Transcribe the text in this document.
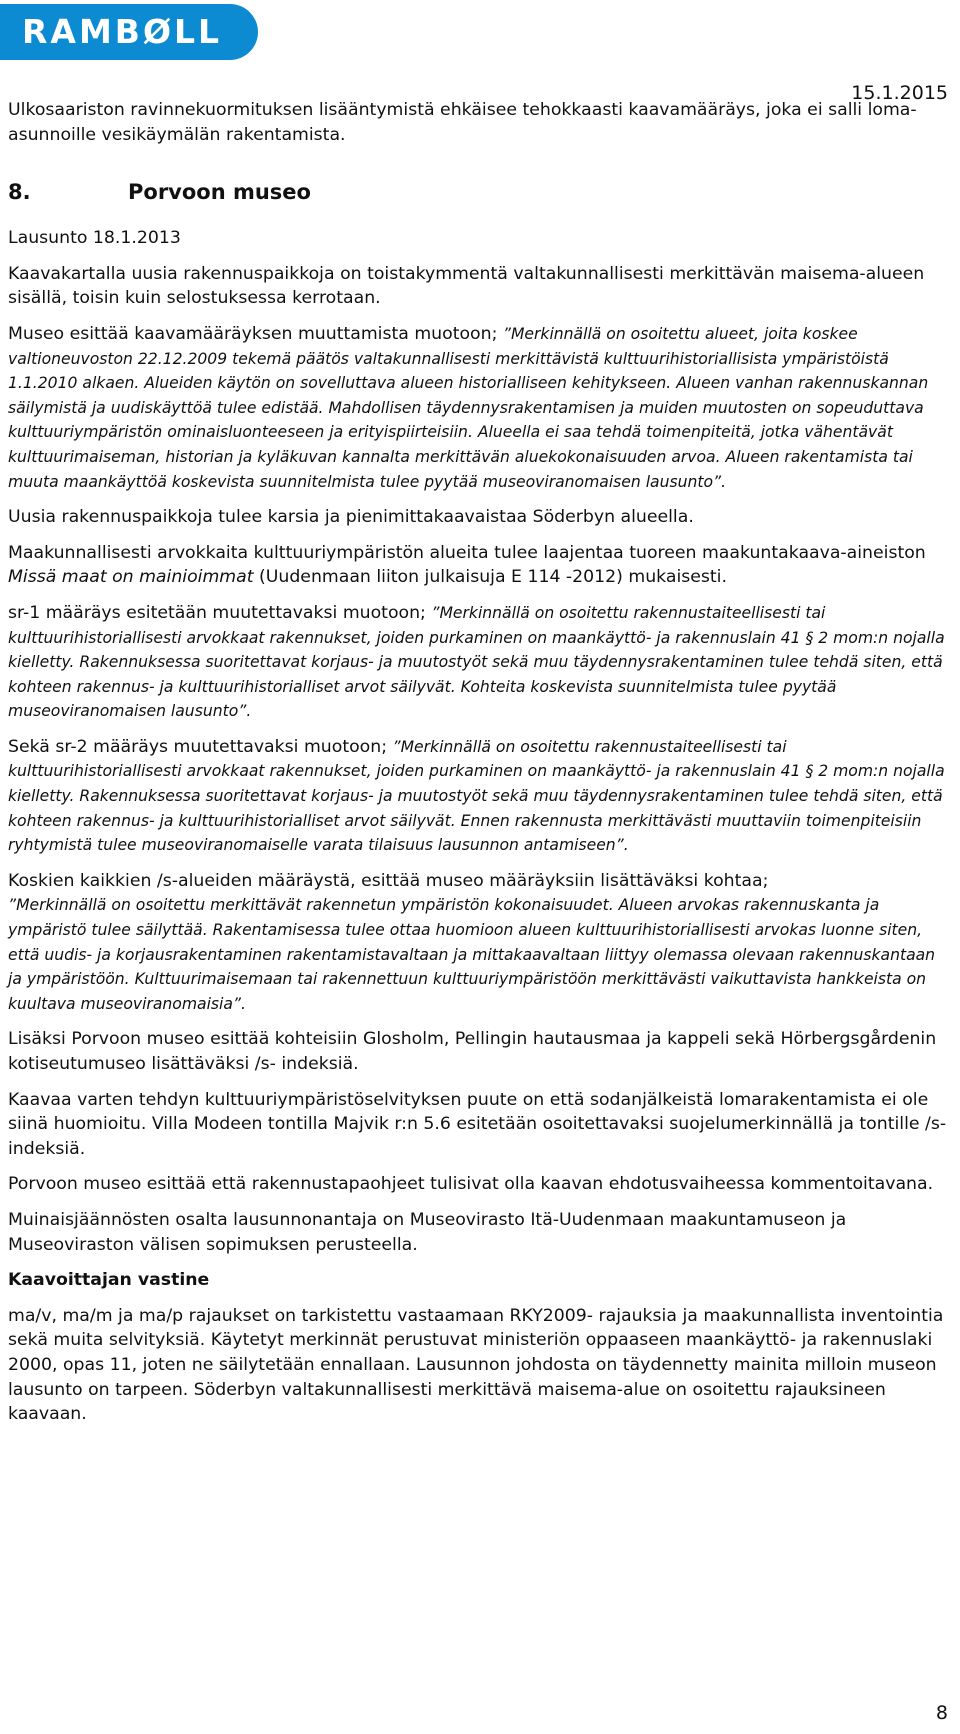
RAMBØLL
15.1.2015

Ulkosaariston ravinnekuormituksen lisääntymistä ehkäisee tehokkaasti kaavamääräys, joka ei salli loma-asunnoille vesikäymälän rakentamista.

8.	Porvoon museo

Lausunto 18.1.2013

Kaavakartalla uusia rakennuspaikkoja on toistakymmentä valtakunnallisesti merkittävän maisema-alueen sisällä, toisin kuin selostuksessa kerrotaan.

Museo esittää kaavamääräyksen muuttamista muotoon; ”Merkinnällä on osoitettu alueet, joita koskee valtioneuvoston 22.12.2009 tekemä päätös valtakunnallisesti merkittävistä kulttuurihistoriallisista ympäristöistä 1.1.2010 alkaen. Alueiden käytön on sovelluttava alueen historialliseen kehitykseen. Alueen vanhan rakennuskannan säilymistä ja uudiskäyttöä tulee edistää. Mahdollisen täydennysrakentamisen ja muiden muutosten on sopeuduttava kulttuuriympäristön ominaisluonteeseen ja erityispiirteisiin. Alueella ei saa tehdä toimenpiteitä, jotka vähentävät kulttuurimaiseman, historian ja kyläkuvan kannalta merkittävän aluekokonaisuuden arvoa. Alueen rakentamista tai muuta maankäyttöä koskevista suunnitelmista tulee pyytää museoviranomaisen lausunto”.

Uusia rakennuspaikkoja tulee karsia ja pienimittakaavaistaa Söderbyn alueella.

Maakunnallisesti arvokkaita kulttuuriympäristön alueita tulee laajentaa tuoreen maakuntakaava-aineiston Missä maat on mainioimmat (Uudenmaan liiton julkaisuja E 114 -2012) mukaisesti.

sr-1 määräys esitetään muutettavaksi muotoon; ”Merkinnällä on osoitettu rakennustaiteellisesti tai kulttuurihistoriallisesti arvokkaat rakennukset, joiden purkaminen on maankäyttö- ja rakennuslain 41 § 2 mom:n nojalla kielletty. Rakennuksessa suoritettavat korjaus- ja muutostyöt sekä muu täydennysrakentaminen tulee tehdä siten, että kohteen rakennus- ja kulttuurihistorialliset arvot säilyvät. Kohteita koskevista suunnitelmista tulee pyytää museoviranomaisen lausunto”.

Sekä sr-2 määräys muutettavaksi muotoon; ”Merkinnällä on osoitettu rakennustaiteellisesti tai kulttuurihistoriallisesti arvokkaat rakennukset, joiden purkaminen on maankäyttö- ja rakennuslain 41 § 2 mom:n nojalla kielletty. Rakennuksessa suoritettavat korjaus- ja muutostyöt sekä muu täydennysrakentaminen tulee tehdä siten, että kohteen rakennus- ja kulttuurihistorialliset arvot säilyvät. Ennen rakennusta merkittävästi muuttaviin toimenpiteisiin ryhtymistä tulee museoviranomaiselle varata tilaisuus lausunnon antamiseen”.

Koskien kaikkien /s-alueiden määräystä, esittää museo määräyksiin lisättäväksi kohtaa;
”Merkinnällä on osoitettu merkittävät rakennetun ympäristön kokonaisuudet. Alueen arvokas rakennuskanta ja ympäristö tulee säilyttää. Rakentamisessa tulee ottaa huomioon alueen kulttuurihistoriallisesti arvokas luonne siten, että uudis- ja korjausrakentaminen rakentamistavaltaan ja mittakaavaltaan liittyy olemassa olevaan rakennuskantaan ja ympäristöön. Kulttuurimaisemaan tai rakennettuun kulttuuriympäristöön merkittävästi vaikuttavista hankkeista on kuultava museoviranomaisia”.

Lisäksi Porvoon museo esittää kohteisiin Glosholm, Pellingin hautausmaa ja kappeli sekä Hörbergsgårdenin kotiseutumuseo lisättäväksi /s- indeksiä.

Kaavaa varten tehdyn kulttuuriympäristöselvityksen puute on että sodanjälkeistä lomarakentamista ei ole siinä huomioitu. Villa Modeen tontilla Majvik r:n 5.6 esitetään osoitettavaksi suojelumerkinnällä ja tontille /s-indeksiä.

Porvoon museo esittää että rakennustapaohjeet tulisivat olla kaavan ehdotusvaiheessa kommentoitavana.

Muinaisjäännösten osalta lausunnonantaja on Museovirasto Itä-Uudenmaan maakuntamuseon ja Museoviraston välisen sopimuksen perusteella.

Kaavoittajan vastine

ma/v, ma/m ja ma/p rajaukset on tarkistettu vastaamaan RKY2009- rajauksia ja maakunnallista inventointia sekä muita selvityksiä. Käytetyt merkinnät perustuvat ministeriön oppaaseen maankäyttö- ja rakennuslaki 2000, opas 11, joten ne säilytetään ennallaan. Lausunnon johdosta on täydennetty mainita milloin museon lausunto on tarpeen. Söderbyn valtakunnallisesti merkittävä maisema-alue on osoitettu rajauksineen kaavaan.

8
